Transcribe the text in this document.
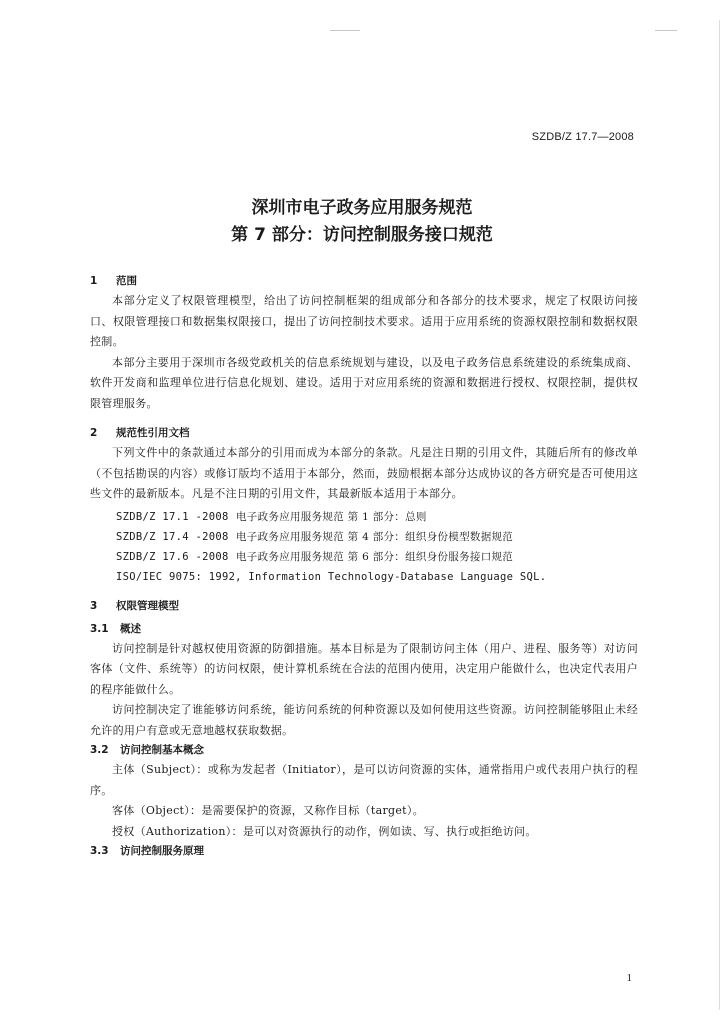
SZDB/Z 17.7—2008
深圳市电子政务应用服务规范
第 7 部分：访问控制服务接口规范

1 范围

本部分定义了权限管理模型，给出了访问控制框架的组成部分和各部分的技术要求，规定了权限访问接口、权限管理接口和数据集权限接口，提出了访问控制技术要求。适用于应用系统的资源权限控制和数据权限控制。

本部分主要用于深圳市各级党政机关的信息系统规划与建设，以及电子政务信息系统建设的系统集成商、软件开发商和监理单位进行信息化规划、建设。适用于对应用系统的资源和数据进行授权、权限控制，提供权限管理服务。

2 规范性引用文档

下列文件中的条款通过本部分的引用而成为本部分的条款。凡是注日期的引用文件，其随后所有的修改单（不包括勘误的内容）或修订版均不适用于本部分，然而，鼓励根据本部分达成协议的各方研究是否可使用这些文件的最新版本。凡是不注日期的引用文件，其最新版本适用于本部分。

SZDB/Z 17.1 -2008 电子政务应用服务规范 第 1 部分：总则
SZDB/Z 17.4 -2008 电子政务应用服务规范 第 4 部分：组织身份模型数据规范
SZDB/Z 17.6 -2008 电子政务应用服务规范 第 6 部分：组织身份服务接口规范
ISO/IEC 9075: 1992, Information Technology-Database Language SQL.

3 权限管理模型

3.1 概述

访问控制是针对越权使用资源的防御措施。基本目标是为了限制访问主体（用户、进程、服务等）对访问客体（文件、系统等）的访问权限，使计算机系统在合法的范围内使用，决定用户能做什么，也决定代表用户的程序能做什么。

访问控制决定了谁能够访问系统，能访问系统的何种资源以及如何使用这些资源。访问控制能够阻止未经允许的用户有意或无意地越权获取数据。

3.2 访问控制基本概念

主体（Subject）：或称为发起者（Initiator），是可以访问资源的实体，通常指用户或代表用户执行的程序。

客体（Object）：是需要保护的资源，又称作目标（target）。

授权（Authorization）：是可以对资源执行的动作，例如读、写、执行或拒绝访问。

3.3 访问控制服务原理

1
